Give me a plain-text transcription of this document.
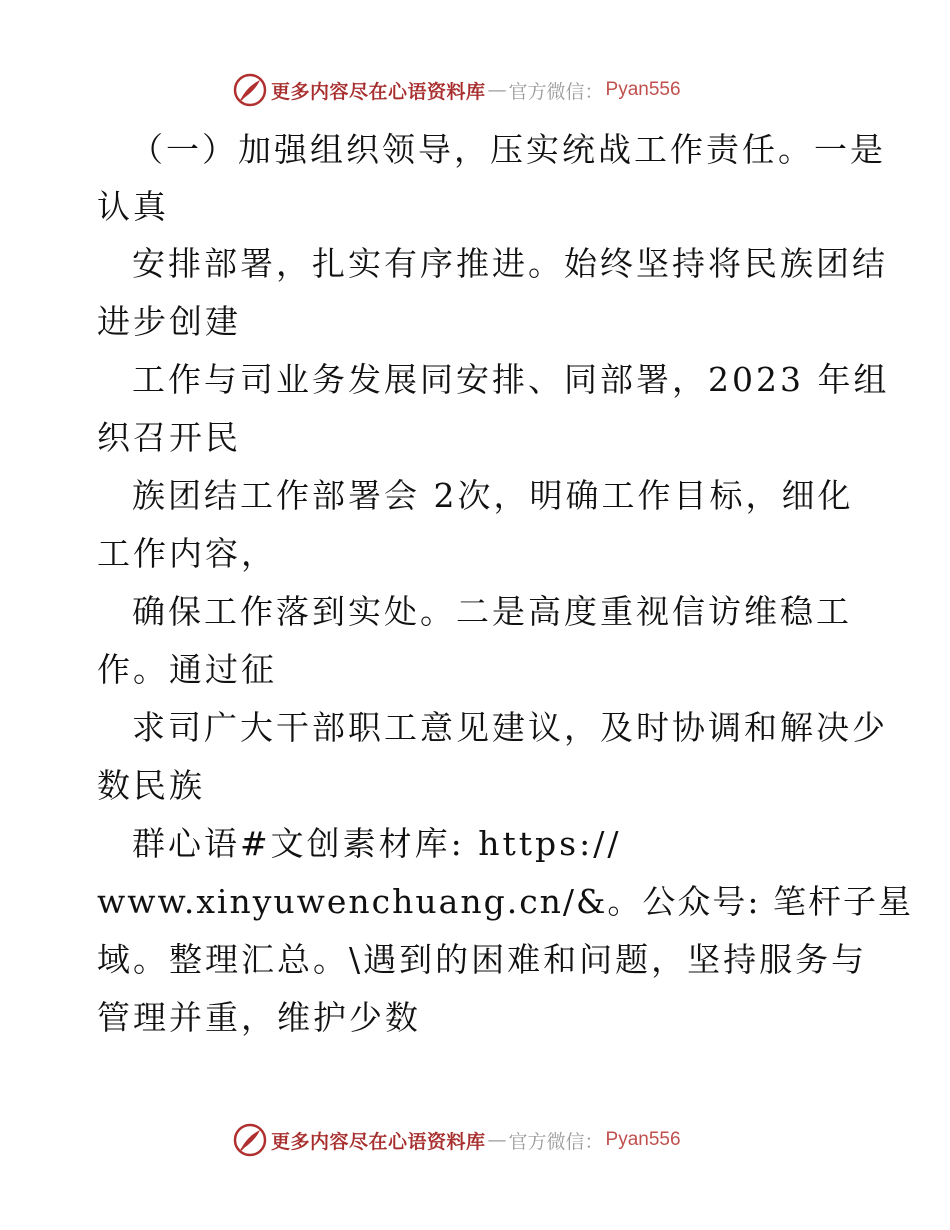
更多内容尽在心语资料库 — 官方微信： Pyan556
（一）加强组织领导，压实统战工作责任。一是
认真
安排部署，扎实有序推进。始终坚持将民族团结
进步创建
工作与司业务发展同安排、同部署，2023 年组
织召开民
族团结工作部署会 2次，明确工作目标，细化
工作内容，
确保工作落到实处。二是高度重视信访维稳工
作。通过征
求司广大干部职工意见建议，及时协调和解决少
数民族
群心语#文创素材库: https://
www.xinyuwenchuang.cn/&。公众号: 笔杆子星
域。整理汇总。\遇到的困难和问题，坚持服务与
管理并重，维护少数
更多内容尽在心语资料库 — 官方微信： Pyan556
